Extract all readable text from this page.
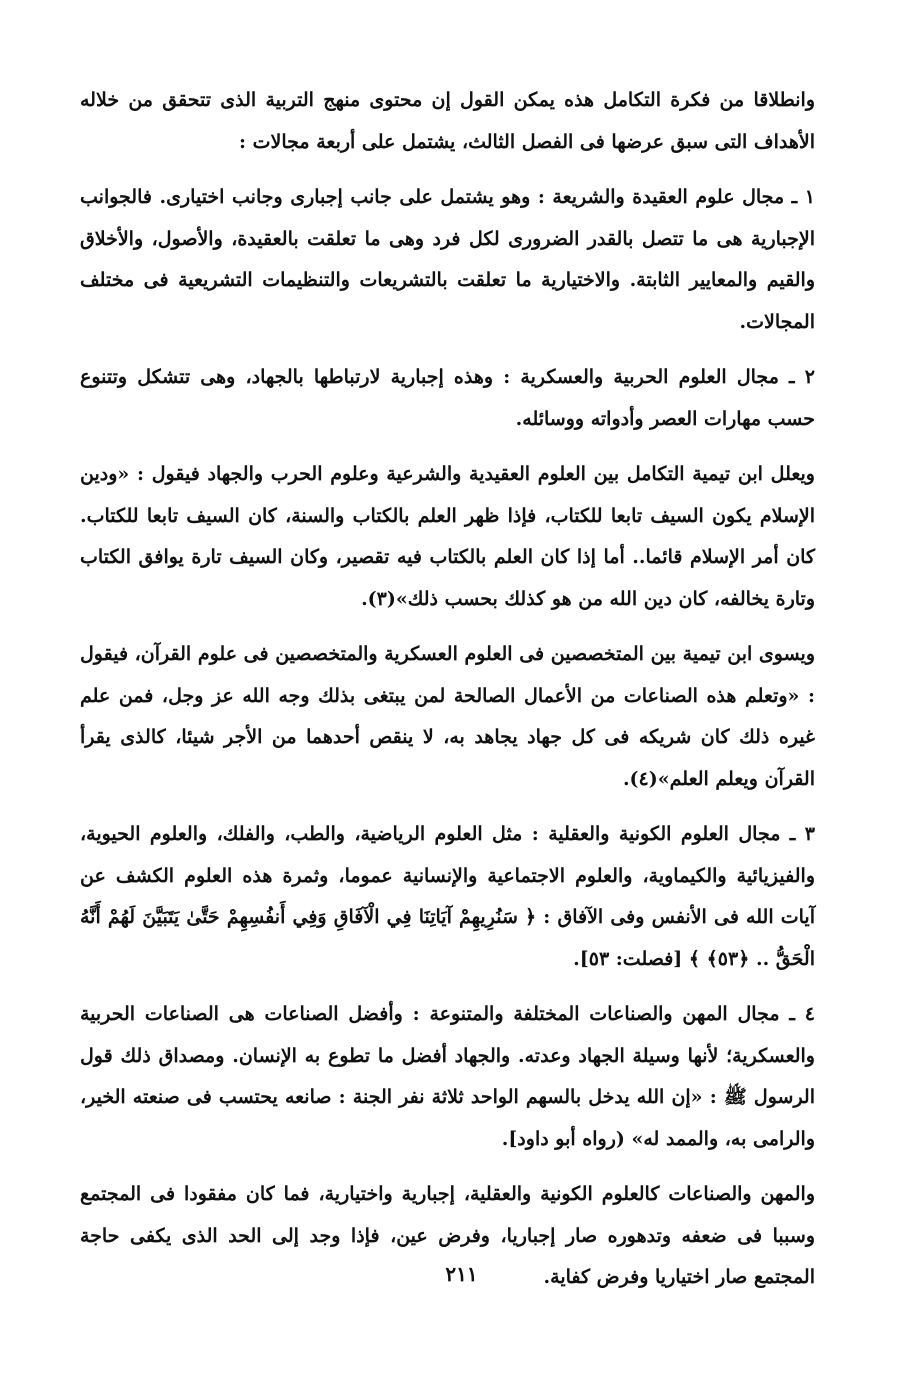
وانطلاقا من فكرة التكامل هذه يمكن القول إن محتوى منهج التربية الذى تتحقق من خلاله الأهداف التى سبق عرضها فى الفصل الثالث، يشتمل على أربعة مجالات :

١ ـ مجال علوم العقيدة والشريعة : وهو يشتمل على جانب إجبارى وجانب اختيارى. فالجوانب الإجبارية هى ما تتصل بالقدر الضرورى لكل فرد وهى ما تعلقت بالعقيدة، والأصول، والأخلاق والقيم والمعايير الثابتة. والاختيارية ما تعلقت بالتشريعات والتنظيمات التشريعية فى مختلف المجالات.

٢ ـ مجال العلوم الحربية والعسكرية : وهذه إجبارية لارتباطها بالجهاد، وهى تتشكل وتتنوع حسب مهارات العصر وأدواته ووسائله.

ويعلل ابن تيمية التكامل بين العلوم العقيدية والشرعية وعلوم الحرب والجهاد فيقول : «ودين الإسلام يكون السيف تابعا للكتاب، فإذا ظهر العلم بالكتاب والسنة، كان السيف تابعا للكتاب. كان أمر الإسلام قائما.. أما إذا كان العلم بالكتاب فيه تقصير، وكان السيف تارة يوافق الكتاب وتارة يخالفه، كان دين الله من هو كذلك بحسب ذلك»(٣).

ويسوى ابن تيمية بين المتخصصين فى العلوم العسكرية والمتخصصين فى علوم القرآن، فيقول : «وتعلم هذه الصناعات من الأعمال الصالحة لمن يبتغى بذلك وجه الله عز وجل، فمن علم غيره ذلك كان شريكه فى كل جهاد يجاهد به، لا ينقص أحدهما من الأجر شيئا، كالذى يقرأ القرآن ويعلم العلم»(٤).

٣ ـ مجال العلوم الكونية والعقلية : مثل العلوم الرياضية، والطب، والفلك، والعلوم الحيوية، والفيزيائية والكيماوية، والعلوم الاجتماعية والإنسانية عموما، وثمرة هذه العلوم الكشف عن آيات الله فى الأنفس وفى الآفاق : ﴿ سَنُرِيهِمْ آيَاتِنَا فِي الْآفَاقِ وَفِي أَنفُسِهِمْ حَتَّىٰ يَتَبَيَّنَ لَهُمْ أَنَّهُ الْحَقُّ .. ﴿٥٣﴾ ﴾ [فصلت: ٥٣].

٤ ـ مجال المهن والصناعات المختلفة والمتنوعة : وأفضل الصناعات هى الصناعات الحربية والعسكرية؛ لأنها وسيلة الجهاد وعدته. والجهاد أفضل ما تطوع به الإنسان. ومصداق ذلك قول الرسول ﷺ : «إن الله يدخل بالسهم الواحد ثلاثة نفر الجنة : صانعه يحتسب فى صنعته الخير، والرامى به، والممد له» (رواه أبو داود].

والمهن والصناعات كالعلوم الكونية والعقلية، إجبارية واختيارية، فما كان مفقودا فى المجتمع وسببا فى ضعفه وتدهوره صار إجباريا، وفرض عين، فإذا وجد إلى الحد الذى يكفى حاجة المجتمع صار اختياريا وفرض كفاية.

٢١١
